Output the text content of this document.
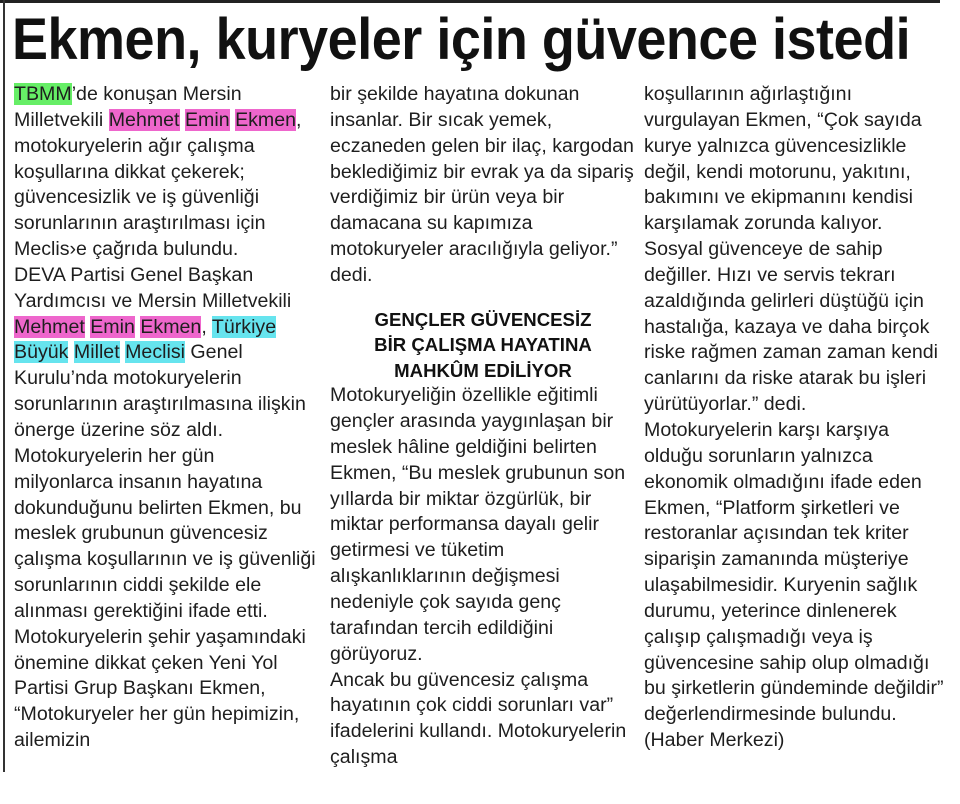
Ekmen, kuryeler için güvence istedi

TBMM’de konuşan Mersin Milletvekili Mehmet Emin Ekmen, motokuryelerin ağır çalışma koşullarına dikkat çekerek; güvencesizlik ve iş güvenliği sorunlarının araştırılması için Meclis›e çağrıda bulundu.

DEVA Partisi Genel Başkan Yardımcısı ve Mersin Milletvekili Mehmet Emin Ekmen, Türkiye Büyük Millet Meclisi Genel Kurulu’nda motokuryelerin sorunlarının araştırılmasına ilişkin önerge üzerine söz aldı. Motokuryelerin her gün milyonlarca insanın hayatına dokunduğunu belirten Ekmen, bu meslek grubunun güvencesiz çalışma koşullarının ve iş güvenliği sorunlarının ciddi şekilde ele alınması gerektiğini ifade etti. Motokuryelerin şehir yaşamındaki önemine dikkat çeken Yeni Yol Partisi Grup Başkanı Ekmen, “Motokuryeler her gün hepimizin, ailemizin

bir şekilde hayatına dokunan insanlar. Bir sıcak yemek, eczaneden gelen bir ilaç, kargodan beklediğimiz bir evrak ya da sipariş verdiğimiz bir ürün veya bir damacana su kapımıza motokuryeler aracılığıyla geliyor.” dedi.

GENÇLER GÜVENCESİZ
BİR ÇALIŞMA HAYATINA
MAHKÛM EDİLİYOR

Motokuryeliğin özellikle eğitimli gençler arasında yaygınlaşan bir meslek hâline geldiğini belirten Ekmen, “Bu meslek grubunun son yıllarda bir miktar özgürlük, bir miktar performansa dayalı gelir getirmesi ve tüketim alışkanlıklarının değişmesi nedeniyle çok sayıda genç tarafından tercih edildiğini görüyoruz.

Ancak bu güvencesiz çalışma hayatının çok ciddi sorunları var” ifadelerini kullandı. Motokuryelerin çalışma

koşullarının ağırlaştığını vurgulayan Ekmen, “Çok sayıda kurye yalnızca güvencesizlikle değil, kendi motorunu, yakıtını, bakımını ve ekipmanını kendisi karşılamak zorunda kalıyor. Sosyal güvenceye de sahip değiller. Hızı ve servis tekrarı azaldığında gelirleri düştüğü için hastalığa, kazaya ve daha birçok riske rağmen zaman zaman kendi canlarını da riske atarak bu işleri yürütüyorlar.” dedi.

Motokuryelerin karşı karşıya olduğu sorunların yalnızca ekonomik olmadığını ifade eden Ekmen, “Platform şirketleri ve restoranlar açısından tek kriter siparişin zamanında müşteriye ulaşabilmesidir. Kuryenin sağlık durumu, yeterince dinlenerek çalışıp çalışmadığı veya iş güvencesine sahip olup olmadığı bu şirketlerin gündeminde değildir” değerlendirmesinde bulundu. (Haber Merkezi)
